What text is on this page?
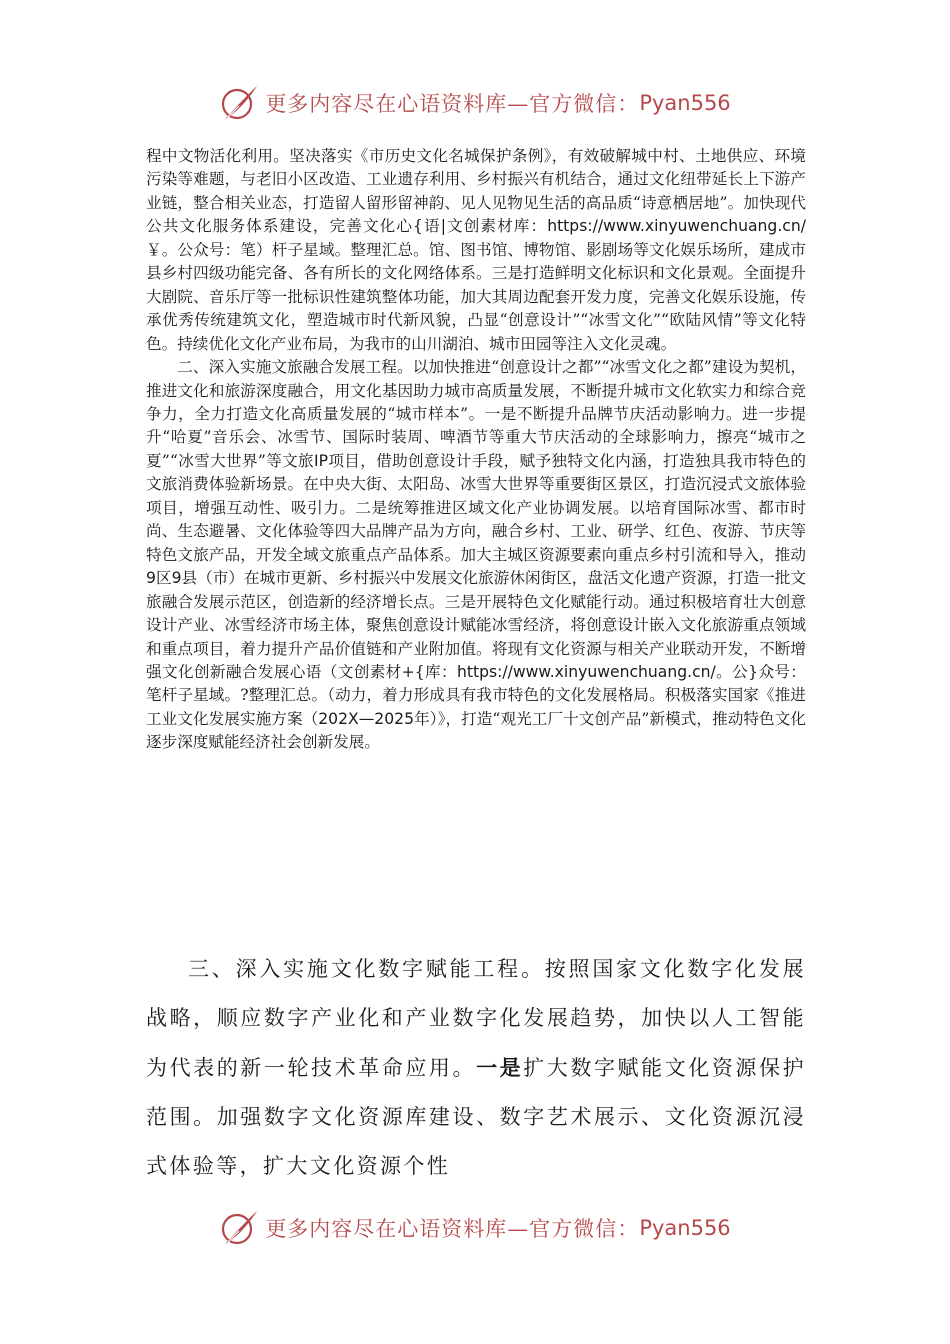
更多内容尽在心语资料库—官方微信： Pyan556

程中文物活化利用。坚决落实《市历史文化名城保护条例》，有效破解城中村、土地供应、环境污染等难题，与老旧小区改造、工业遗存利用、乡村振兴有机结合，通过文化纽带延长上下游产业链，整合相关业态，打造留人留形留神韵、见人见物见生活的高品质“诗意栖居地”。加快现代公共文化服务体系建设，完善文化心{语|文创素材库：https://www.xinyuwenchuang.cn/￥。公众号：笔）杆子星域。整理汇总。馆、图书馆、博物馆、影剧场等文化娱乐场所，建成市县乡村四级功能完备、各有所长的文化网络体系。三是打造鲜明文化标识和文化景观。全面提升大剧院、音乐厅等一批标识性建筑整体功能，加大其周边配套开发力度，完善文化娱乐设施，传承优秀传统建筑文化，塑造城市时代新风貌，凸显“创意设计”“冰雪文化”“欧陆风情”等文化特色。持续优化文化产业布局，为我市的山川湖泊、城市田园等注入文化灵魂。

二、深入实施文旅融合发展工程。以加快推进“创意设计之都”“冰雪文化之都”建设为契机，推进文化和旅游深度融合，用文化基因助力城市高质量发展，不断提升城市文化软实力和综合竞争力，全力打造文化高质量发展的“城市样本”。一是不断提升品牌节庆活动影响力。进一步提升“哈夏”音乐会、冰雪节、国际时装周、啤酒节等重大节庆活动的全球影响力，擦亮“城市之夏”“冰雪大世界”等文旅IP项目，借助创意设计手段，赋予独特文化内涵，打造独具我市特色的文旅消费体验新场景。在中央大街、太阳岛、冰雪大世界等重要街区景区，打造沉浸式文旅体验项目，增强互动性、吸引力。二是统筹推进区域文化产业协调发展。以培育国际冰雪、都市时尚、生态避暑、文化体验等四大品牌产品为方向，融合乡村、工业、研学、红色、夜游、节庆等特色文旅产品，开发全域文旅重点产品体系。加大主城区资源要素向重点乡村引流和导入，推动9区9县（市）在城市更新、乡村振兴中发展文化旅游休闲街区，盘活文化遗产资源，打造一批文旅融合发展示范区，创造新的经济增长点。三是开展特色文化赋能行动。通过积极培育壮大创意设计产业、冰雪经济市场主体，聚焦创意设计赋能冰雪经济，将创意设计嵌入文化旅游重点领域和重点项目，着力提升产品价值链和产业附加值。将现有文化资源与相关产业联动开发，不断增强文化创新融合发展心语（文创素材+{库：https://www.xinyuwenchuang.cn/。公}众号：笔杆子星域。?整理汇总。（动力，着力形成具有我市特色的文化发展格局。积极落实国家《推进工业文化发展实施方案（202X—2025年）》，打造“观光工厂十文创产品”新模式，推动特色文化逐步深度赋能经济社会创新发展。

三、深入实施文化数字赋能工程。按照国家文化数字化发展战略，顺应数字产业化和产业数字化发展趋势，加快以人工智能为代表的新一轮技术革命应用。一是扩大数字赋能文化资源保护范围。加强数字文化资源库建设、数字艺术展示、文化资源沉浸式体验等，扩大文化资源个性

更多内容尽在心语资料库—官方微信： Pyan556
